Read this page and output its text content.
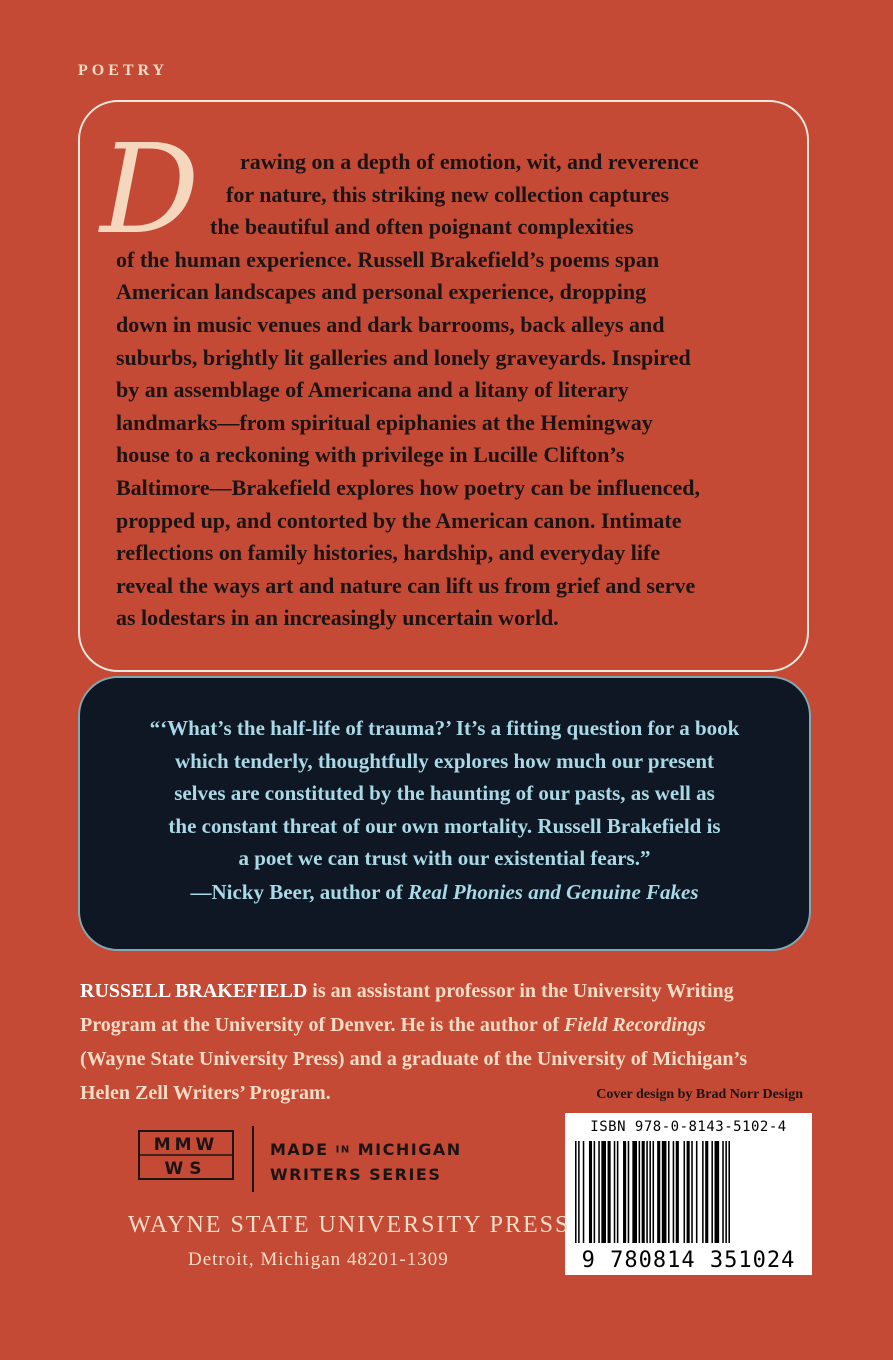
POETRY
D	rawing on a depth of emotion, wit, and reverence
for nature, this striking new collection captures
the beautiful and often poignant complexities
of the human experience. Russell Brakefield’s poems span
American landscapes and personal experience, dropping
down in music venues and dark barrooms, back alleys and
suburbs, brightly lit galleries and lonely graveyards. Inspired
by an assemblage of Americana and a litany of literary
landmarks—from spiritual epiphanies at the Hemingway
house to a reckoning with privilege in Lucille Clifton’s
Baltimore—Brakefield explores how poetry can be influenced,
propped up, and contorted by the American canon. Intimate
reflections on family histories, hardship, and everyday life
reveal the ways art and nature can lift us from grief and serve
as lodestars in an increasingly uncertain world.
“‘What’s the half-life of trauma?’ It’s a fitting question for a book
which tenderly, thoughtfully explores how much our present
selves are constituted by the haunting of our pasts, as well as
the constant threat of our own mortality. Russell Brakefield is
a poet we can trust with our existential fears.”
—Nicky Beer, author of Real Phonies and Genuine Fakes
RUSSELL BRAKEFIELD is an assistant professor in the University Writing
Program at the University of Denver. He is the author of Field Recordings
(Wayne State University Press) and a graduate of the University of Michigan’s
Helen Zell Writers’ Program.	Cover design by Brad Norr Design
ISBN 978-0-8143-5102-4
9 780814 351024
MMW
WS
MADE IN MICHIGAN
WRITERS SERIES
WAYNE STATE UNIVERSITY PRESS
Detroit, Michigan 48201-1309
